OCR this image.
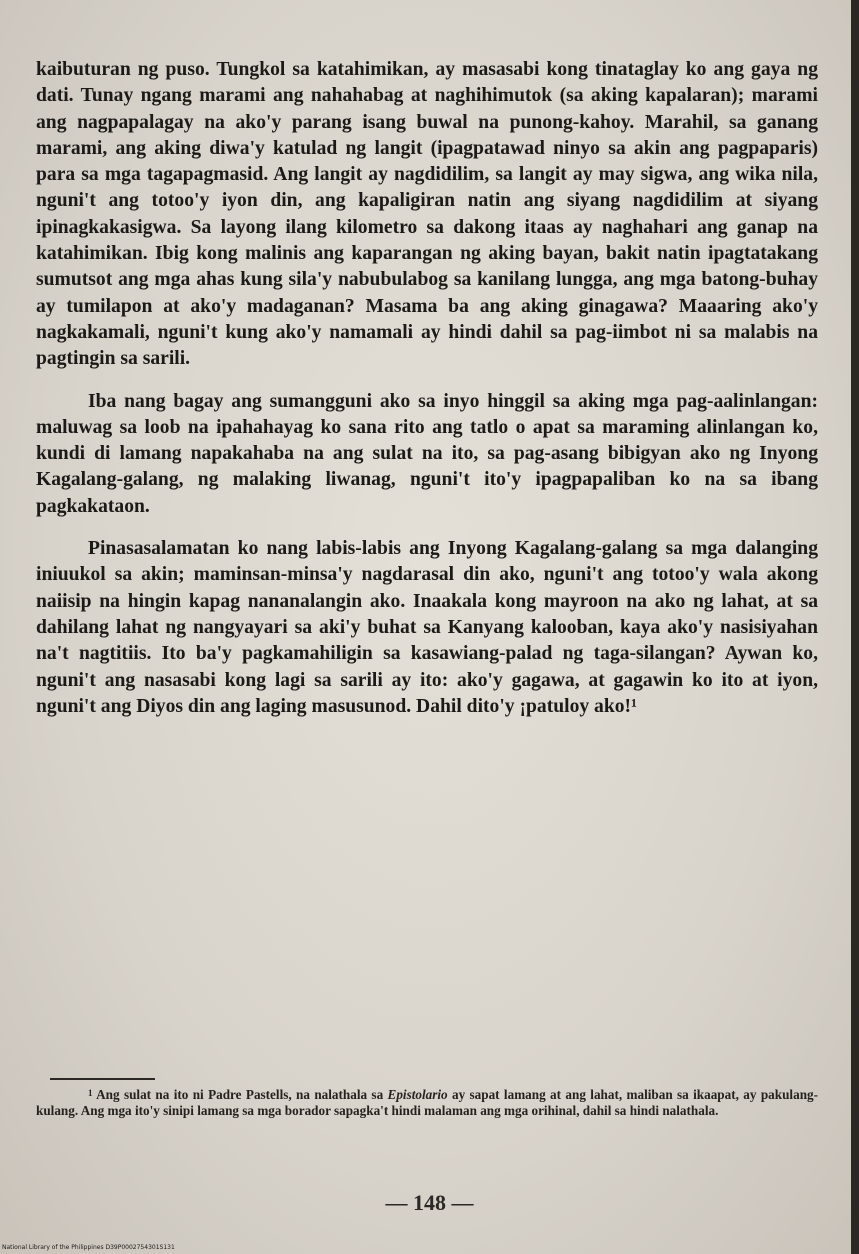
kaibuturan ng puso. Tungkol sa katahimikan, ay masasabi kong tinataglay ko ang gaya ng dati. Tunay ngang marami ang nahahabag at naghihimutok (sa aking kapalaran); marami ang nagpapalagay na ako'y parang isang buwal na punong-kahoy. Marahil, sa ganang marami, ang aking diwa'y katulad ng langit (ipagpatawad ninyo sa akin ang pagpaparis) para sa mga tagapagmasid. Ang langit ay nagdidilim, sa langit ay may sigwa, ang wika nila, nguni't ang totoo'y iyon din, ang kapaligiran natin ang siyang nagdidilim at siyang ipinagkakasigwa. Sa layong ilang kilometro sa dakong itaas ay naghahari ang ganap na katahimikan. Ibig kong malinis ang kaparangan ng aking bayan, bakit natin ipagtatakang sumutsot ang mga ahas kung sila'y nabubulabog sa kanilang lungga, ang mga batong-buhay ay tumilapon at ako'y madaganan? Masama ba ang aking ginagawa? Maaaring ako'y nagkakamali, nguni't kung ako'y namamali ay hindi dahil sa pag-iimbot ni sa malabis na pagtingin sa sarili.

Iba nang bagay ang sumangguni ako sa inyo hinggil sa aking mga pag-aalinlangan: maluwag sa loob na ipahahayag ko sana rito ang tatlo o apat sa maraming alinlangan ko, kundi di lamang napakahaba na ang sulat na ito, sa pag-asang bibigyan ako ng Inyong Kagalang-galang, ng malaking liwanag, nguni't ito'y ipagpapaliban ko na sa ibang pagkakataon.

Pinasasalamatan ko nang labis-labis ang Inyong Kagalang-galang sa mga dalanging iniuukol sa akin; maminsan-minsa'y nagdarasal din ako, nguni't ang totoo'y wala akong naiisip na hingin kapag nananalangin ako. Inaakala kong mayroon na ako ng lahat, at sa dahilang lahat ng nangyayari sa aki'y buhat sa Kanyang kalooban, kaya ako'y nasisiyahan na't nagtitiis. Ito ba'y pagkamahiligin sa kasawiang-palad ng taga-silangan? Aywan ko, nguni't ang nasasabi kong lagi sa sarili ay ito: ako'y gagawa, at gagawin ko ito at iyon, nguni't ang Diyos din ang laging masusunod. Dahil dito'y ¡patuloy ako!¹

$^1$ Ang sulat na ito ni Padre Pastells, na nalathala sa Epistolario ay sapat lamang at ang lahat, maliban sa ikaapat, ay pakulang-kulang. Ang mga ito'y sinipi lamang sa mga borador sapagka't hindi malaman ang mga orihinal, dahil sa hindi nalathala.
— 148 —
National Library of the Philippines D39P0002754301S131
